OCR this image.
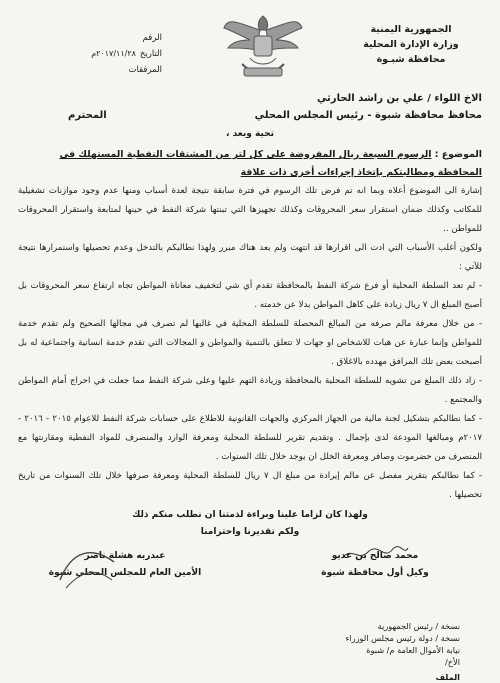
الجمهورية اليمنية
وزارة الإدارة المحلية
محافظة شبـوة
الرقم
التاريخ
٢٠١٧/١١/٢٨م
المرفقات
الاخ اللواء / علي بن راشد الحارثي
محافظ محافظة شبوة - رئيس المجلس المحلي
المحترم
تحية وبعد ،
الموضوع : الرسوم السبعة ريال المفروضة على كل لتر من المشتقات النفطية المستهلك في المحافظة ومطالبتكم بإتخاذ إجراءات أخرى ذات علاقة

إشارة الى الموضوع أعلاه وبما انه تم فرض تلك الرسوم في فترة سابقة نتيجة لعدة أسباب ومنها عدم وجود موازنات تشغيلية للمكاتب وكذلك ضمان استقرار سعر المحروقات وكذلك تجهيزها التي تبنتها شركة النفط في حينها لمتابعة واستقرار المحروقات للمواطن ..

ولكون أغلب الأسباب التي ادت الى اقرارها قد انتهت ولم يعد هناك مبرر ولهذا نطالبكم بالتدخل وعدم تحصيلها واستمرارها نتيجة للآتي :

- لم تعد السلطة المحلية أو فرع شركة النفط بالمحافظة تقدم أي شي لتخفيف معاناة المواطن تجاه ارتفاع سعر المحروقات بل أصبح المبلغ ال ٧ ريال زيادة على كاهل المواطن بدلا عن خدمته .

- من خلال معرفة مالم صرفه من المبالغ المحصلة للسلطة المحلية في غالبها لم تصرف في مجالها الصحيح ولم تقدم خدمة للمواطن وإنما عبارة عن هبات للاشخاص او جهات لا تتعلق بالتنمية والمواطن و المجالات التي تقدم خدمة انسانية واجتماعية له بل أصبحت بعض تلك المرافق مهدده بالاغلاق .

- زاد ذلك المبلغ من تشويه للسلطة المحلية بالمحافظة وزيادة التهم عليها وعلى شركة النفط مما جعلت في احراج أمام المواطن والمجتمع .

- كما نطالبكم بتشكيل لجنة مالية من الجهاز المركزي والجهات القانونية للاطلاع على حسابات شركة النفط للاعوام ٢٠١٥ - ٢٠١٦ - ٢٠١٧م ومبالغها المودعة لدى بإجمال . وتقديم تقرير للسلطة المحلية ومعرفة الوارد والمنصرف للمواد النفطية ومقارنتها مع المنصرف من حضرموت وصافر ومعرفة الخلل ان يوجد خلال تلك السنوات .

- كما نطالبكم بتقرير مفصل عن مالم إيرادة من مبلغ ال ٧ ريال للسلطة المحلية ومعرفة صرفها خلال تلك السنوات من تاريخ تحصيلها .

ولهذا كان لزاما علينا وبراءة لذمتنا ان نطلب منكم ذلك
ولكم تقديرنا واحترامنا
محمد صالح بن عديو
وكيل أول محافظة شبوة
عبدربه هشلة ناصر
الأمين العام للمجلس المحلي شبوة
نسخة / رئيس الجمهورية
نسخة / دولة رئيس مجلس الوزراء
نيابة الأموال العامة م/ شبوة
الأخ/
الملف
